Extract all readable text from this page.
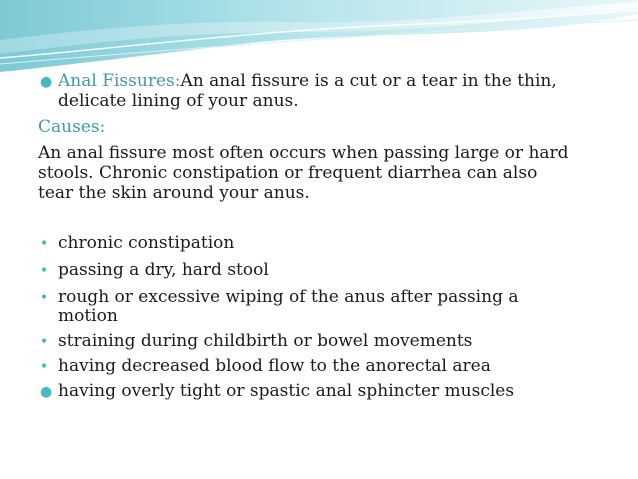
● Anal Fissures:An anal fissure is a cut or a tear in the thin,
delicate lining of your anus.
Causes:
An anal fissure most often occurs when passing large or hard
stools. Chronic constipation or frequent diarrhea can also
tear the skin around your anus.
• chronic constipation
• passing a dry, hard stool
• rough or excessive wiping of the anus after passing a
motion
• straining during childbirth or bowel movements
• having decreased blood flow to the anorectal area
● having overly tight or spastic anal sphincter muscles
